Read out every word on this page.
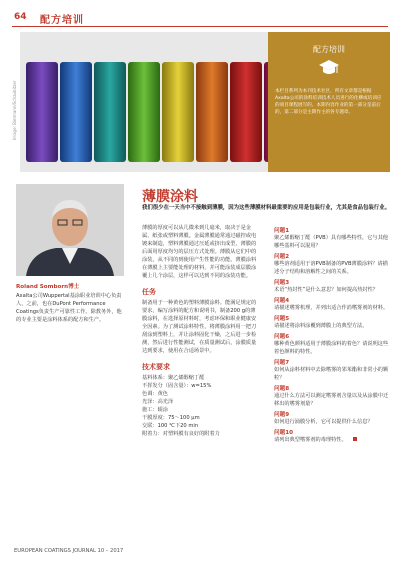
64 配方培训
Image: Biermann/Schaubitzer
配方培训
本栏目系列为本刊技术社区，所有文章都是根据Axalta公司的涂料培训技术人员进行的化柳或培训应的项目课程展写的。本期内容作业的第一部分是前后的，第二部分是主期作主的各专题章。
Roland Somborn博士
Axalta公司Wuppertal基涂职业培训中心负责人，之前，也在DuPont Performance Coatings负责生产可靠性工作。除教务外，他的专业主要是涂料体系的配方和生产。
薄膜涂料
我们很少在一天当中不接触到薄膜，因为这些薄膜材料最重要的应用是包装行业，尤其是食品包装行业。

薄膜的厚度可以从几微米到几毫米，取决于是金属、纸张或塑料薄膜。金属薄膜通常通过磁控或电镀来制造，塑料薄膜通过压延或挤出成型，薄膜的后面用厚度均匀的层压方式处理。薄膜从它们中的涂装，从不同的到使用产生性能的功能。薄膜涂料在薄膜上主要能处理的材料，并可能涂装成层膜涂覆上几个涂层，这样可以达到不同的涂装功能。

任务

制备用于一种黄色的塑料薄膜涂料。能满足规定的要求，编写涂料的配方和说明书，制备200 g的薄膜涂料，在选择原材料时，考虑环保和职业健康安全因素。为了测试涂料特性，将薄膜涂料用一把刀刮涂到塑料上，并让涂料固化干燥，之后进一步检测，然后进行性能测试，在质量测试后，涂膜质量达到要求，使用在合适场景中。

技术要求

基料体系：聚乙烯醇缩丁醛

不挥发分（固含量）：w=15%

色调：黄色

光泽：高光泽

施工：辊涂

干膜厚度：75～100 μm

交联：100 ℃下20 min

附着力：对塑料膜有良好的附着力

问题1

聚乙烯醇缩丁醛（PVB）具有哪些特性，它与其他哪些基料可以混用？

问题2

哪些溶剂适用于溶PVB制备的PVB薄膜涂料？请描述分子结构和溶解性之间的关系。

问题3

术语“热封性”是什么意思？如何提高热封性？

问题4

请描述嗜雾机理，并列出适合作消嗜雾剂的材料。

问题5

请描述将涂料涂覆到薄膜上的典型方法。

问题6

哪种黄色颜料适用于薄膜涂料的着色？请说明这些着色颜料的特性。

问题7

如何从涂料材料中去除嗜雾的邻苯酯和非常小的颗粒？

问题8

通过什么方法可以测定嗜雾剂含量以及从涂膜中迁移出的嗜雾剂量？

问题9

如何进行涌膜分析，它可以提供什么信息？

问题10

请列出典型嗜雾剂的毒理特性。

EUROPEAN COATINGS JOURNAL 10 – 2017
